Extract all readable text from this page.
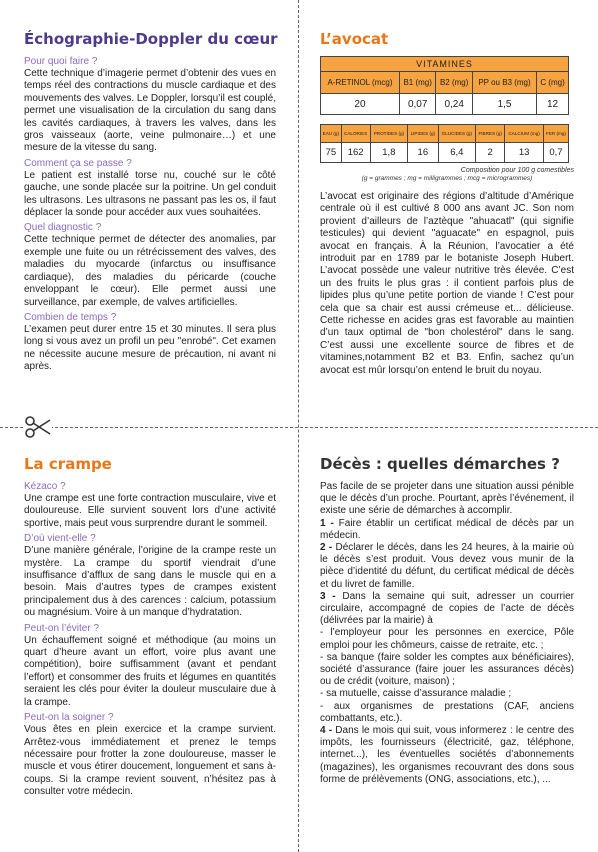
Échographie-Doppler du cœur
Pour quoi faire ?

Cette technique d’imagerie permet d’obtenir des vues en temps réel des contractions du muscle cardiaque et des mouvements des valves. Le Doppler, lorsqu’il est couplé, permet une visualisation de la circulation du sang dans les cavités cardiaques, à travers les valves, dans les gros vaisseaux (aorte, veine pulmonaire…) et une mesure de la vitesse du sang.

Comment ça se passe ?

Le patient est installé torse nu, couché sur le côté gauche, une sonde placée sur la poitrine. Un gel conduit les ultrasons. Les ultrasons ne passant pas les os, il faut déplacer la sonde pour accéder aux vues souhaitées.

Quel diagnostic ?

Cette technique permet de détecter des anomalies, par exemple une fuite ou un rétrécissement des valves, des maladies du myocarde (infarctus ou insuffisance cardiaque), des maladies du péricarde (couche enveloppant le cœur). Elle permet aussi une surveillance, par exemple, de valves artificielles.

Combien de temps ?

L’examen peut durer entre 15 et 30 minutes. Il sera plus long si vous avez un profil un peu "enrobé". Cet examen ne nécessite aucune mesure de précaution, ni avant ni après.

L’avocat
VITAMINES				
A-RETINOL (mcg)	B1 (mg)	B2 (mg)	PP ou B3 (mg)	C (mg)
20	0,07	0,24	1,5	12
EAU (g)	CALORIES	PROTIDES (g)	LIPIDES (g)	GLUCIDES (g)	FIBRES (g)	CALCIUM (mg)	FER (mg)
75	162	1,8	16	6,4	2	13	0,7
Composition pour 100 g comestibles
(g = grammes ; mg = milligrammes ; mcg = microgrammes)

L’avocat est originaire des régions d’altitude d’Amérique centrale où il est cultivé 8 000 ans avant JC. Son nom provient d’ailleurs de l’aztèque "ahuacatl" (qui signifie testicules) qui devient "aguacate" en espagnol, puis avocat en français. À la Réunion, l’avocatier a été introduit par en 1789 par le botaniste Joseph Hubert. L’avocat possède une valeur nutritive très élevée. C’est un des fruits le plus gras : il contient parfois plus de lipides plus qu’une petite portion de viande ! C’est pour cela que sa chair est aussi crémeuse et... délicieuse. Cette richesse en acides gras est favorable au maintien d’un taux optimal de "bon cholestérol" dans le sang. C’est aussi une excellente source de fibres et de vitamines,notamment B2 et B3. Enfin, sachez qu’un avocat est mûr lorsqu’on entend le bruit du noyau.

La crampe
Kézaco ?

Une crampe est une forte contraction musculaire, vive et douloureuse. Elle survient souvent lors d’une activité sportive, mais peut vous surprendre durant le sommeil.

D’où vient-elle ?

D’une manière générale, l’origine de la crampe reste un mystère. La crampe du sportif viendrait d’une insuffisance d’afflux de sang dans le muscle qui en a besoin. Mais d’autres types de crampes existent principalement dus à des carences : calcium, potassium ou magnésium. Voire à un manque d’hydratation.

Peut-on l’éviter ?

Un échauffement soigné et méthodique (au moins un quart d’heure avant un effort, voire plus avant une compétition), boire suffisamment (avant et pendant l’effort) et consommer des fruits et légumes en quantités seraient les clés pour éviter la douleur musculaire due à la crampe.

Peut-on la soigner ?

Vous êtes en plein exercice et la crampe survient. Arrêtez-vous immédiatement et prenez le temps nécessaire pour frotter la zone douloureuse, masser le muscle et vous étirer doucement, longuement et sans à-coups. Si la crampe revient souvent, n’hésitez pas à consulter votre médecin.

Décès : quelles démarches ?

Pas facile de se projeter dans une situation aussi pénible que le décès d’un proche. Pourtant, après l’événement, il existe une série de démarches à accomplir.

1 - Faire établir un certificat médical de décès par un médecin.

2 - Déclarer le décès, dans les 24 heures, à la mairie où le décès s’est produit. Vous devez vous munir de la pièce d’identité du défunt, du certificat médical de décès et du livret de famille.

3 - Dans la semaine qui suit, adresser un courrier circulaire, accompagné de copies de l’acte de décès (délivrées par la mairie) à

- l’employeur pour les personnes en exercice, Pôle emploi pour les chômeurs, caisse de retraite, etc. ;

- sa banque (faire solder les comptes aux bénéficiaires), société d’assurance (faire jouer les assurances décès) ou de crédit (voiture, maison) ;

- sa mutuelle, caisse d’assurance maladie ;

- aux organismes de prestations (CAF, anciens combattants, etc.).

4 - Dans le mois qui suit, vous informerez : le centre des impôts, les fournisseurs (électricité, gaz, téléphone, internet...), les éventuelles sociétés d’abonnements (magazines), les organismes recouvrant des dons sous forme de prélèvements (ONG, associations, etc.), ...
